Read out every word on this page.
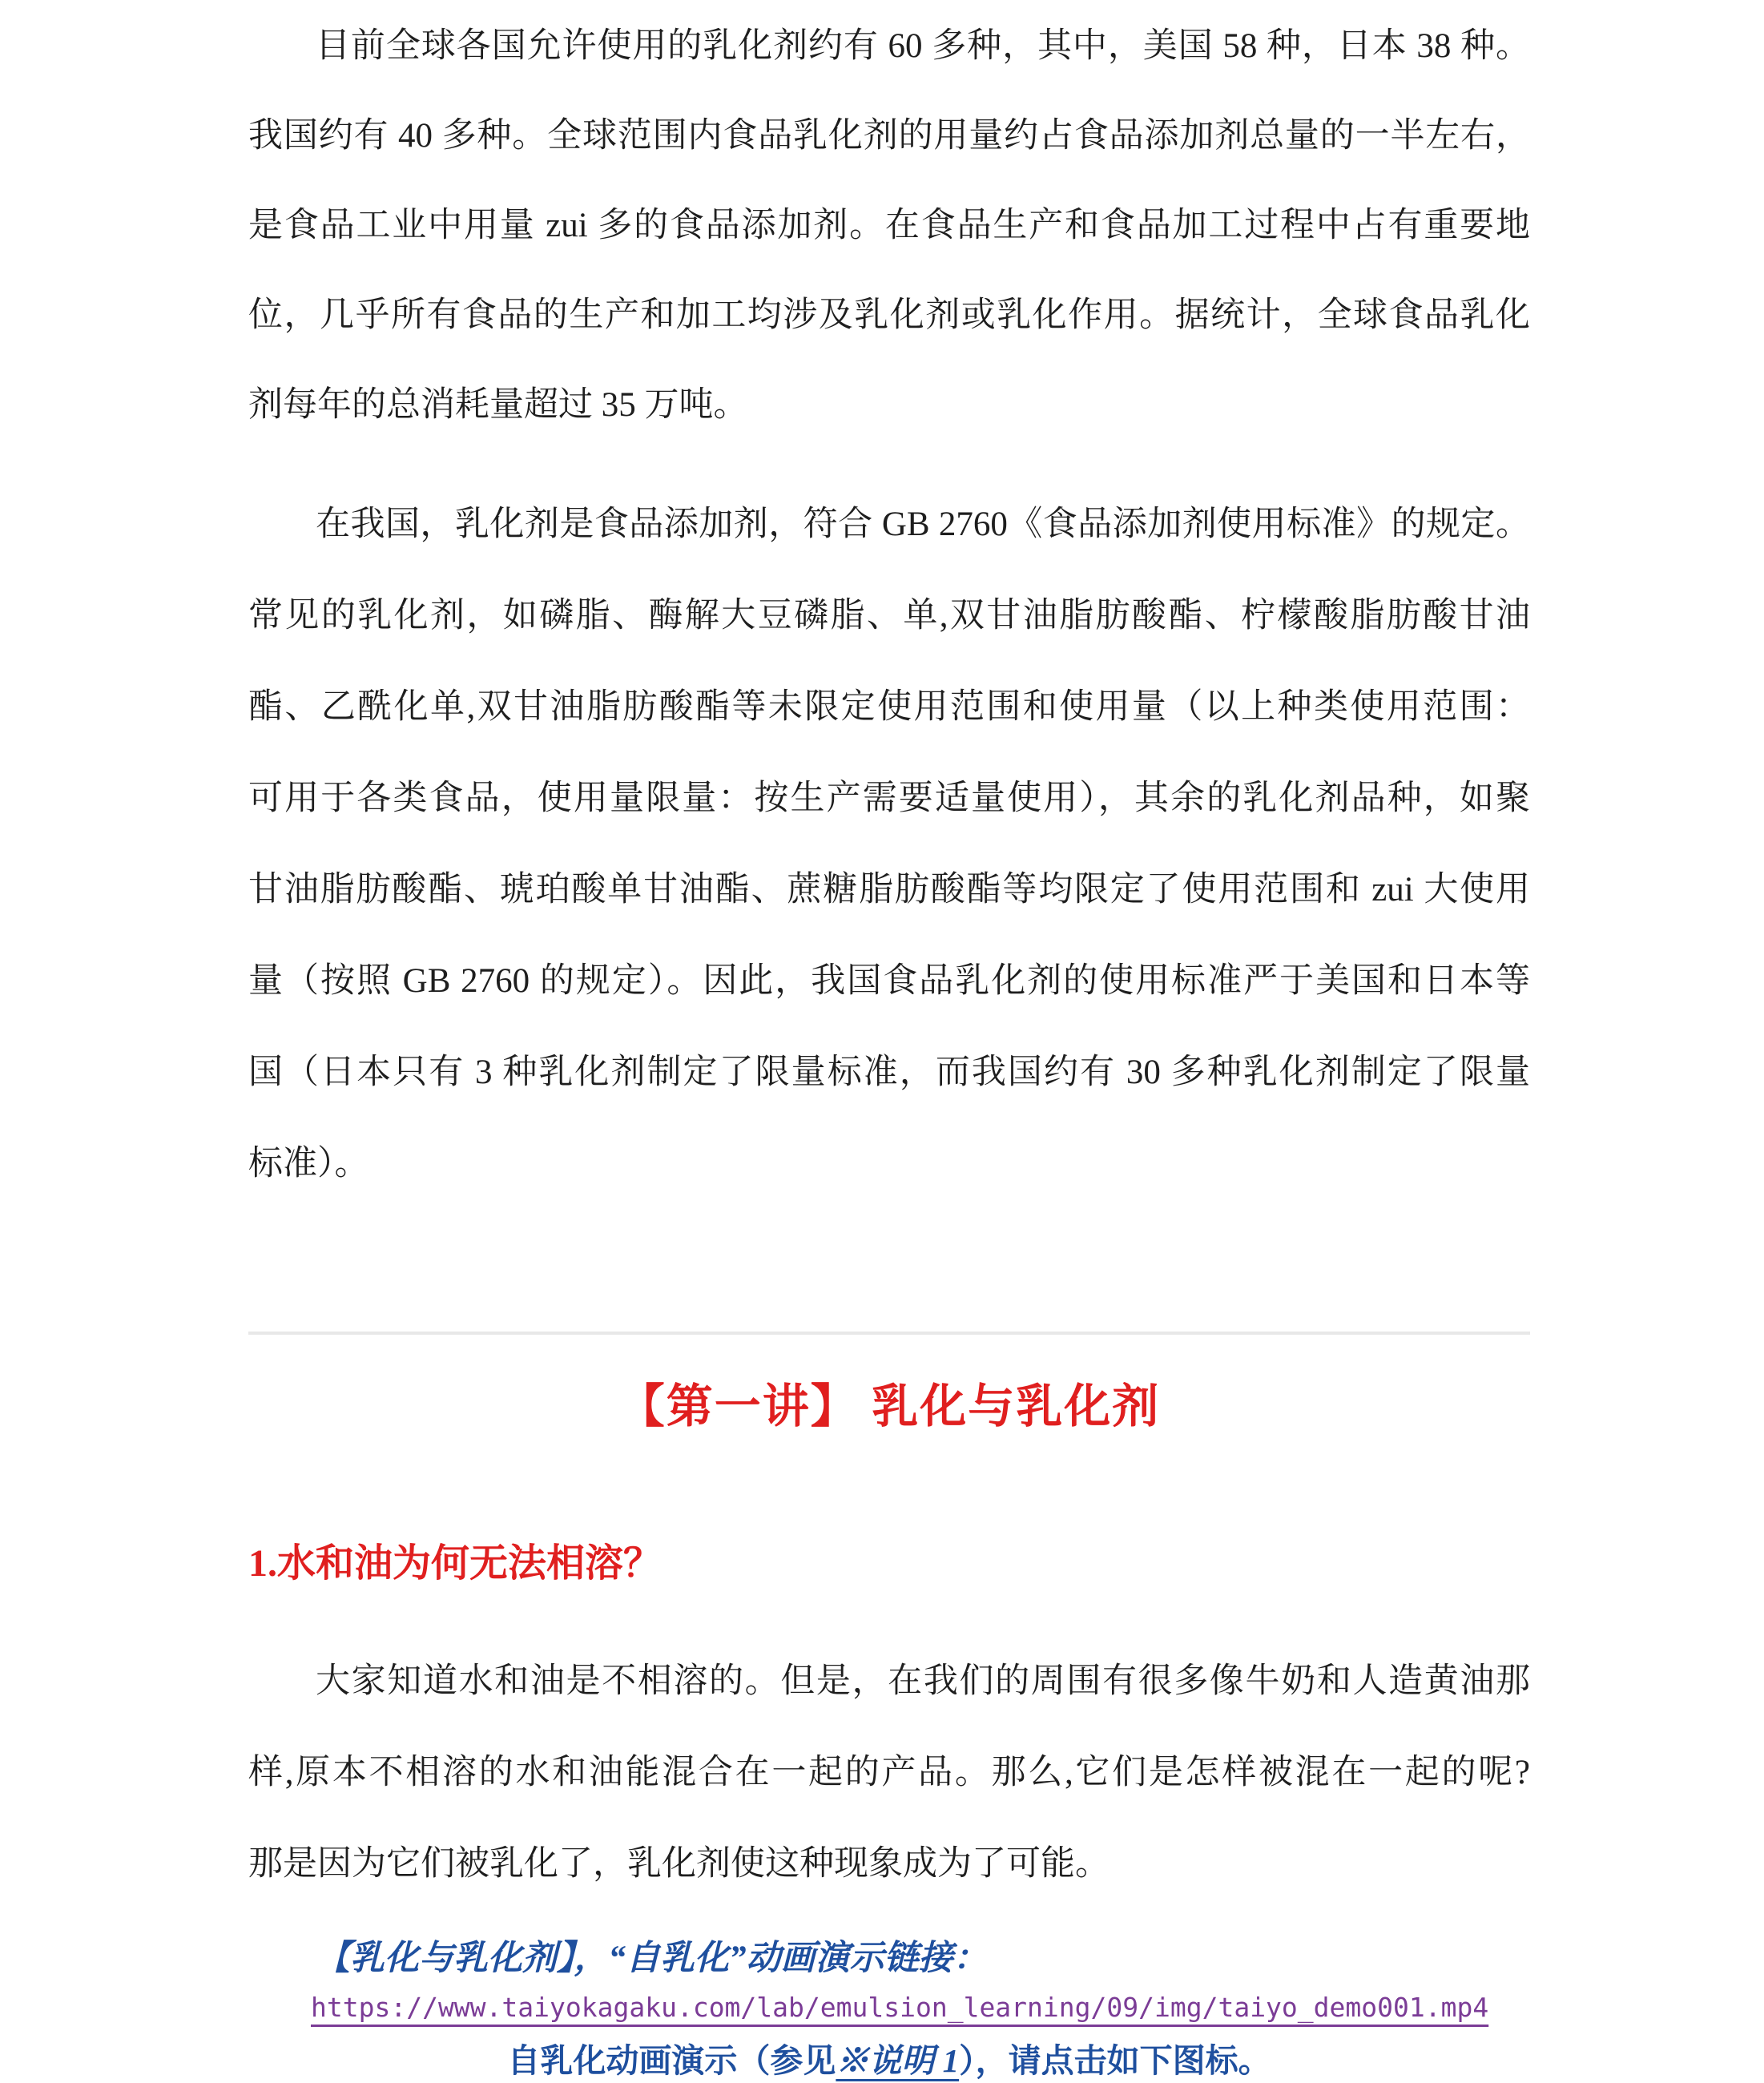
目前全球各国允许使用的乳化剂约有 60 多种，其中，美国 58 种，日本 38 种。
我国约有 40 多种。全球范围内食品乳化剂的用量约占食品添加剂总量的一半左右，
是食品工业中用量 zui 多的食品添加剂。在食品生产和食品加工过程中占有重要地
位，几乎所有食品的生产和加工均涉及乳化剂或乳化作用。据统计，全球食品乳化
剂每年的总消耗量超过 35 万吨。
在我国，乳化剂是食品添加剂，符合 GB 2760《食品添加剂使用标准》的规定。
常见的乳化剂，如磷脂、酶解大豆磷脂、单,双甘油脂肪酸酯、柠檬酸脂肪酸甘油
酯、乙酰化单,双甘油脂肪酸酯等未限定使用范围和使用量（以上种类使用范围：
可用于各类食品，使用量限量：按生产需要适量使用），其余的乳化剂品种，如聚
甘油脂肪酸酯、琥珀酸单甘油酯、蔗糖脂肪酸酯等均限定了使用范围和 zui 大使用
量（按照 GB 2760 的规定）。因此，我国食品乳化剂的使用标准严于美国和日本等
国（日本只有 3 种乳化剂制定了限量标准，而我国约有 30 多种乳化剂制定了限量
标准）。
【第一讲】 乳化与乳化剂
1.水和油为何无法相溶？
大家知道水和油是不相溶的。但是，在我们的周围有很多像牛奶和人造黄油那
样,原本不相溶的水和油能混合在一起的产品。那么,它们是怎样被混在一起的呢?
那是因为它们被乳化了，乳化剂使这种现象成为了可能。
【乳化与乳化剂】，“自乳化”动画演示链接：
https://www.taiyokagaku.com/lab/emulsion_learning/09/img/taiyo_demo001.mp4
自乳化动画演示（参见※说明 1），请点击如下图标。
